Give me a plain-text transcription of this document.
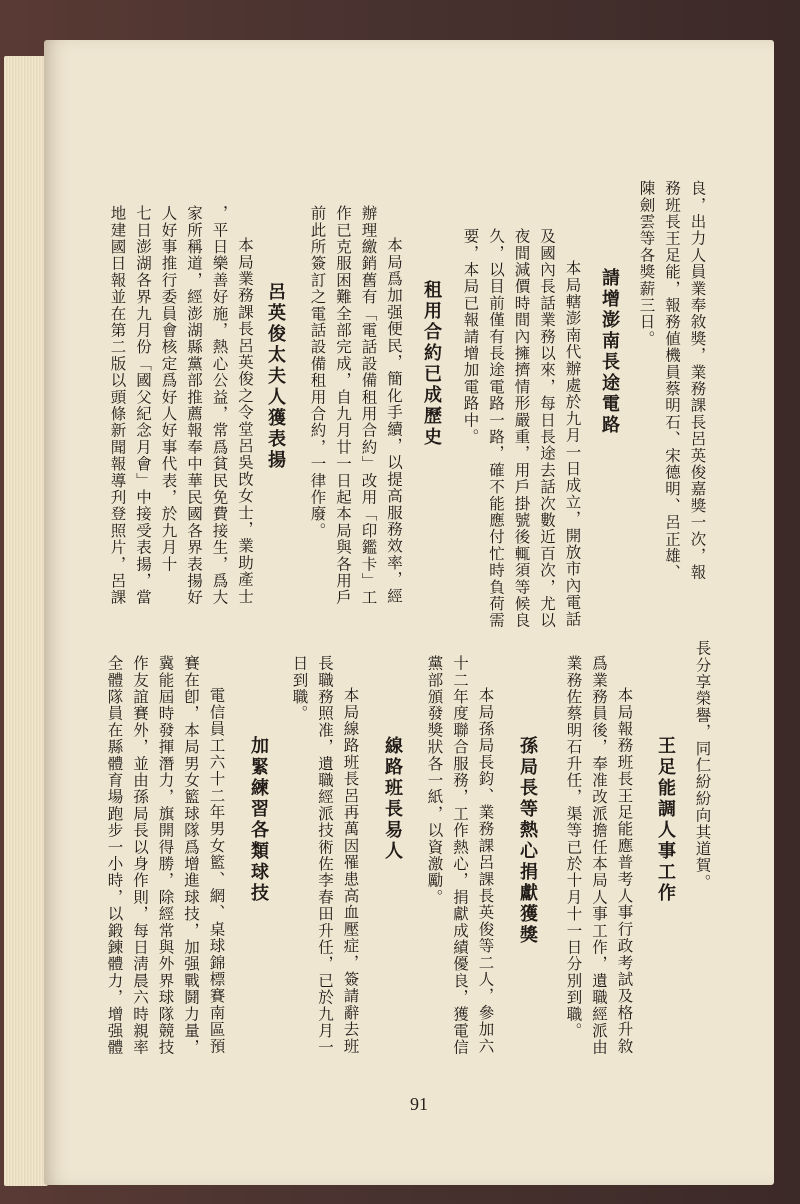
良，出力人員業奉敘獎，業務課長呂英俊嘉獎一次，報
務班長王足能，報務値機員蔡明石、宋德明、呂正雄、
陳劍雲等各獎薪三日。
請增澎南長途電路
本局轄澎南代辦處於九月一日成立，開放市內電話
及國內長話業務以來，每日長途去話次數近百次，尤以
夜間減價時間內擁擠情形嚴重，用戶掛號後輒須等候良
久，以目前僅有長途電路一路，確不能應付忙時負荷需
要，本局已報請增加電路中。
租用合約已成歷史
本局爲加强便民，簡化手續，以提高服務效率，經
辦理繳銷舊有「電話設備租用合約」改用「印鑑卡」工
作已克服困難全部完成，自九月廿一日起本局與各用戶
前此所簽訂之電話設備租用合約，一律作廢。
呂英俊太夫人獲表揚
本局業務課長呂英俊之令堂呂吳攺女士，業助產士
，平日樂善好施，熱心公益，常爲貧民免費接生，爲大
家所稱道，經澎湖縣黨部推薦報奉中華民國各界表揚好
人好事推行委員會核定爲好人好事代表，於九月十
七日澎湖各界九月份「國父紀念月會」中接受表揚，當
地建國日報並在第二版以頭條新聞報導刋登照片，呂課
長分享榮譽，同仁紛紛向其道賀。
王足能調人事工作
本局報務班長王足能應普考人事行政考試及格升敘
爲業務員後，奉准改派擔任本局人事工作，遺職經派由
業務佐蔡明石升任，渠等已於十月十一日分別到職。
孫局長等熱心捐獻獲獎
本局孫局長鈞、業務課呂課長英俊等二人，參加六
十二年度聯合服務，工作熱心，捐獻成績優良，獲電信
黨部頒發獎狀各一紙，以資激勵。
線路班長易人
本局線路班長呂再萬因罹患高血壓症，簽請辭去班
長職務照准，遺職經派技術佐李春田升任，已於九月一
日到職。
加緊練習各類球技
電信員工六十二年男女籃、網、桌球錦標賽南區預
賽在卽，本局男女籃球隊爲增進球技，加强戰鬪力量，
冀能屆時發揮潛力，旗開得勝，除經常與外界球隊競技
作友誼賽外，並由孫局長以身作則，每日淸晨六時親率
全體隊員在縣體育場跑步一小時，以鍛鍊體力，增强體
91
